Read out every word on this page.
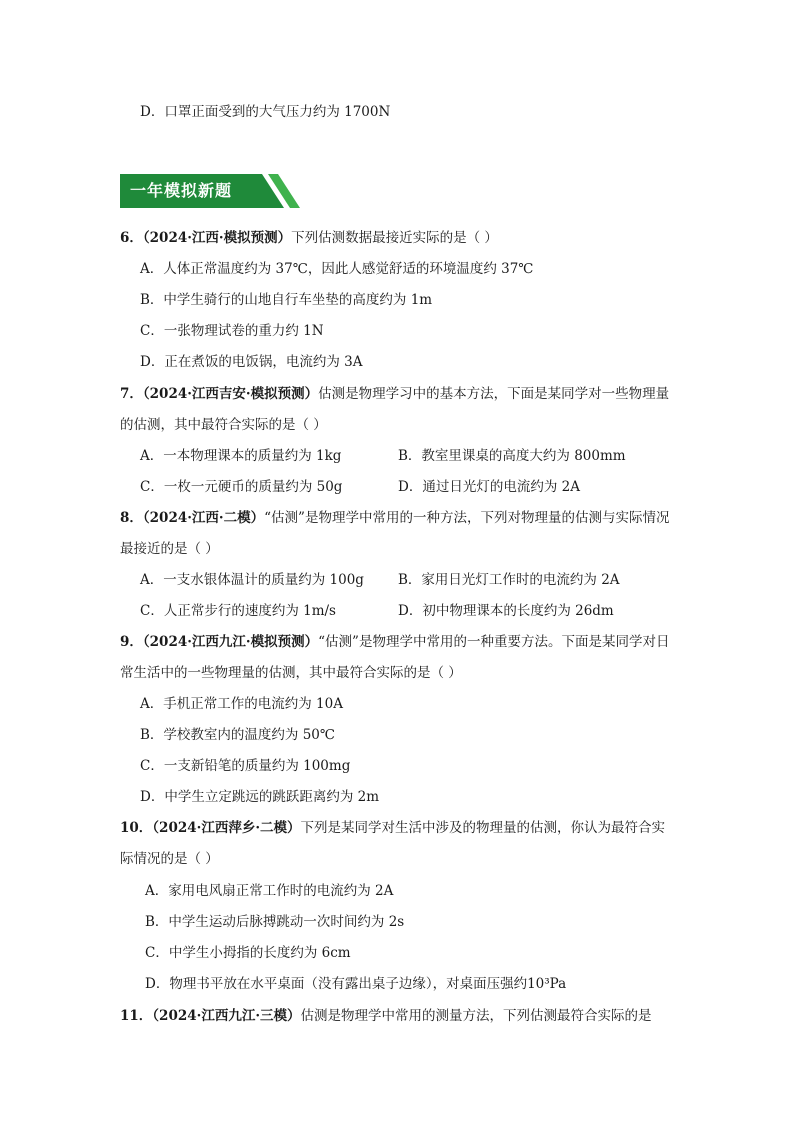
D．口罩正面受到的大气压力约为 1700N
一年模拟新题
6．（2024·江西·模拟预测）下列估测数据最接近实际的是（ ）
A．人体正常温度约为 37℃，因此人感觉舒适的环境温度约 37℃
B．中学生骑行的山地自行车坐垫的高度约为 1m
C．一张物理试卷的重力约 1N
D．正在煮饭的电饭锅，电流约为 3A
7．（2024·江西吉安·模拟预测）估测是物理学习中的基本方法，下面是某同学对一些物理量
的估测，其中最符合实际的是（ ）
A．一本物理课本的质量约为 1kg	B．教室里课桌的高度大约为 800mm
C．一枚一元硬币的质量约为 50g	D．通过日光灯的电流约为 2A
8．（2024·江西·二模）“估测”是物理学中常用的一种方法，下列对物理量的估测与实际情况
最接近的是（ ）
A．一支水银体温计的质量约为 100g	B．家用日光灯工作时的电流约为 2A
C．人正常步行的速度约为 1m/s	D．初中物理课本的长度约为 26dm
9．（2024·江西九江·模拟预测）“估测”是物理学中常用的一种重要方法。下面是某同学对日
常生活中的一些物理量的估测，其中最符合实际的是（ ）
A．手机正常工作的电流约为 10A
B．学校教室内的温度约为 50℃
C．一支新铅笔的质量约为 100mg
D．中学生立定跳远的跳跃距离约为 2m
10．（2024·江西萍乡·二模）下列是某同学对生活中涉及的物理量的估测，你认为最符合实
际情况的是（ ）
A．家用电风扇正常工作时的电流约为 2A
B．中学生运动后脉搏跳动一次时间约为 2s
C．中学生小拇指的长度约为 6cm
D．物理书平放在水平桌面（没有露出桌子边缘），对桌面压强约10³Pa
11．（2024·江西九江·三模）估测是物理学中常用的测量方法，下列估测最符合实际的是
